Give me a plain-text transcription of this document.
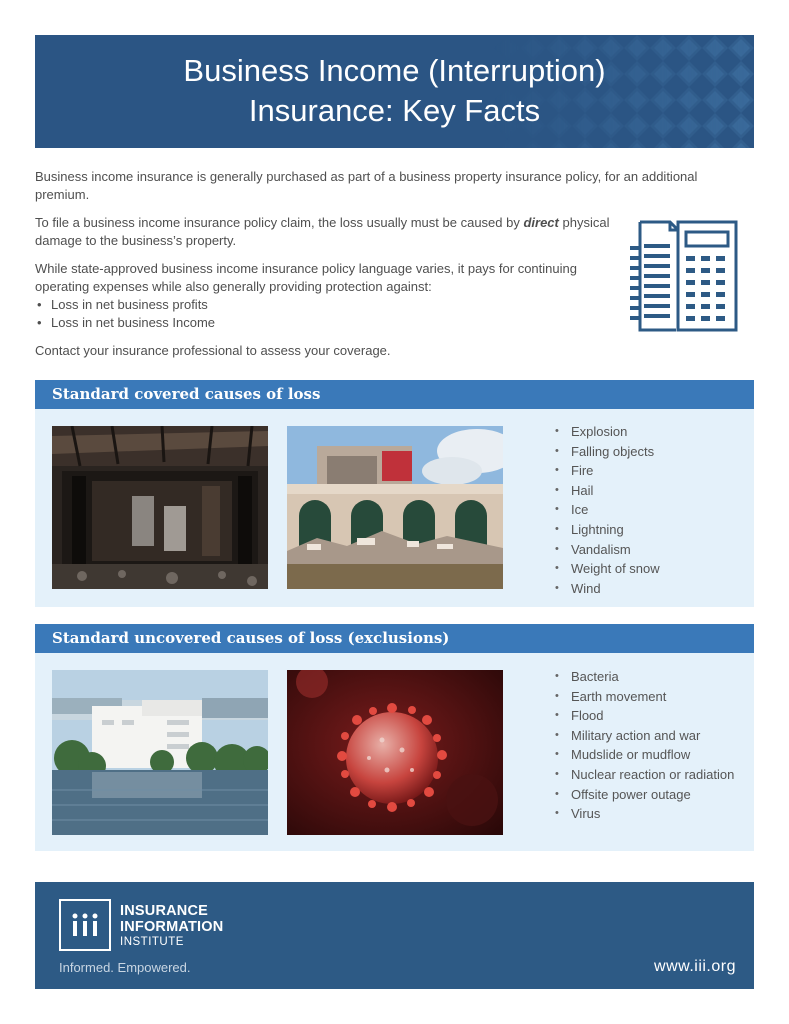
Business Income (Interruption)
Insurance: Key Facts

Business income insurance is generally purchased as part of a business property insurance policy, for an additional premium.

To file a business income insurance policy claim, the loss usually must be caused by direct physical damage to the business’s property.

While state-approved business income insurance policy language varies, it pays for continuing operating expenses while also generally providing protection against:

• Loss in net business profits
• Loss in net business Income

Contact your insurance professional to assess your coverage.

Standard covered causes of loss
• Explosion
• Falling objects
• Fire
• Hail
• Ice
• Lightning
• Vandalism
• Weight of snow
• Wind
Standard uncovered causes of loss (exclusions)
• Bacteria
• Earth movement
• Flood
• Military action and war
• Mudslide or mudflow
• Nuclear reaction or radiation
• Offsite power outage
• Virus
INSURANCE
INFORMATION
INSTITUTE
Informed. Empowered.	www.iii.org
